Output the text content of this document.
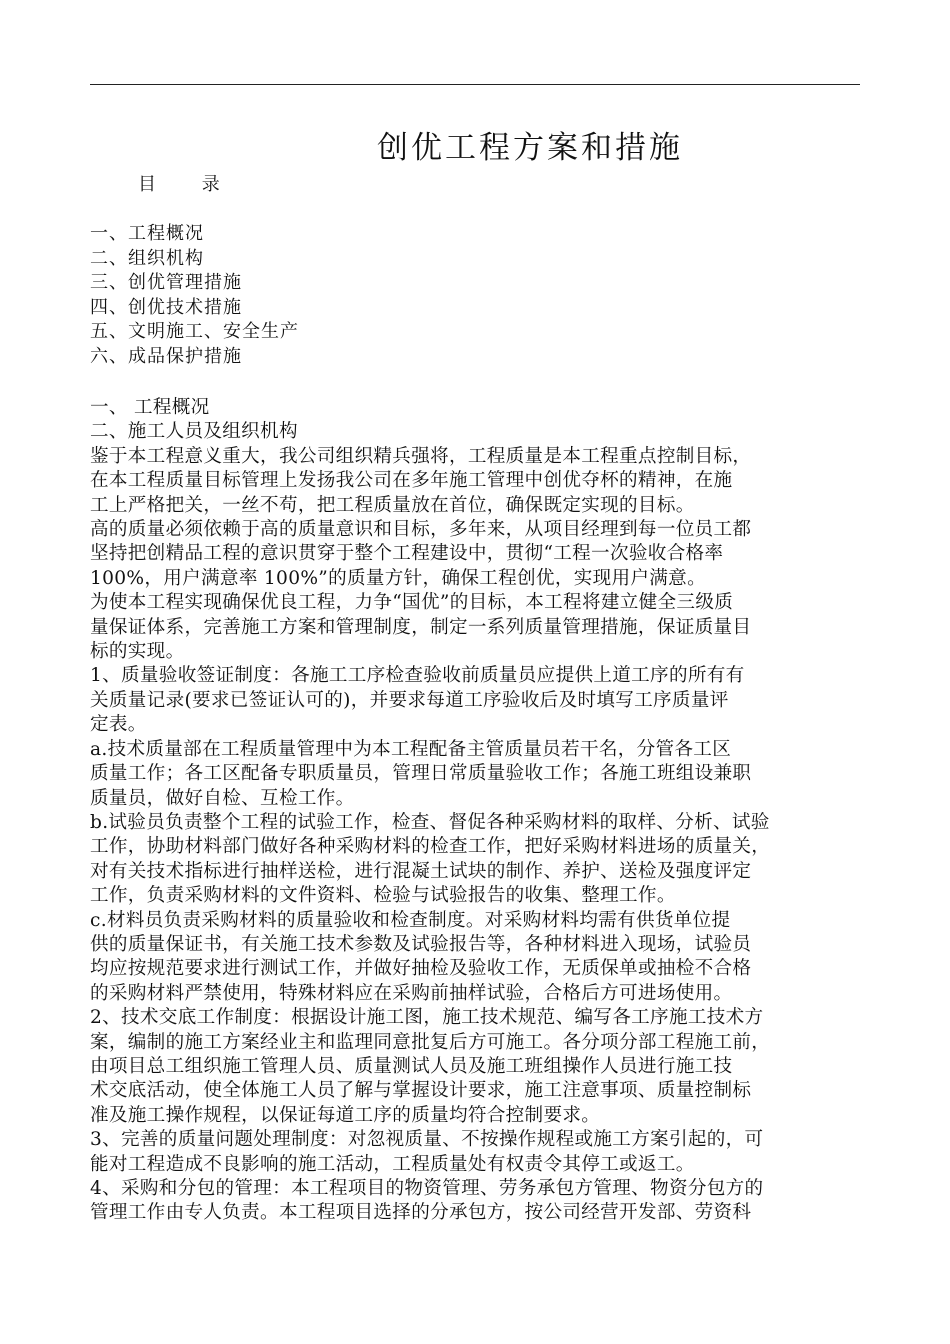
创优工程方案和措施
目        录
一、工程概况
二、组织机构
三、创优管理措施
四、创优技术措施
五、文明施工、安全生产
六、成品保护措施
一、 工程概况
二、施工人员及组织机构
鉴于本工程意义重大，我公司组织精兵强将，工程质量是本工程重点控制目标，
在本工程质量目标管理上发扬我公司在多年施工管理中创优夺杯的精神，在施
工上严格把关，一丝不苟，把工程质量放在首位，确保既定实现的目标。
高的质量必须依赖于高的质量意识和目标，多年来，从项目经理到每一位员工都
坚持把创精品工程的意识贯穿于整个工程建设中，贯彻“工程一次验收合格率
100%，用户满意率 100%”的质量方针，确保工程创优，实现用户满意。
为使本工程实现确保优良工程，力争“国优”的目标，本工程将建立健全三级质
量保证体系，完善施工方案和管理制度，制定一系列质量管理措施，保证质量目
标的实现。
1、质量验收签证制度：各施工工序检查验收前质量员应提供上道工序的所有有
关质量记录(要求已签证认可的)，并要求每道工序验收后及时填写工序质量评
定表。
a.技术质量部在工程质量管理中为本工程配备主管质量员若干名，分管各工区
质量工作；各工区配备专职质量员，管理日常质量验收工作；各施工班组设兼职
质量员，做好自检、互检工作。
b.试验员负责整个工程的试验工作，检查、督促各种采购材料的取样、分析、试验
工作，协助材料部门做好各种采购材料的检查工作，把好采购材料进场的质量关，
对有关技术指标进行抽样送检，进行混凝土试块的制作、养护、送检及强度评定
工作，负责采购材料的文件资料、检验与试验报告的收集、整理工作。
c.材料员负责采购材料的质量验收和检查制度。对采购材料均需有供货单位提
供的质量保证书，有关施工技术参数及试验报告等，各种材料进入现场，试验员
均应按规范要求进行测试工作，并做好抽检及验收工作，无质保单或抽检不合格
的采购材料严禁使用，特殊材料应在采购前抽样试验，合格后方可进场使用。
2、技术交底工作制度：根据设计施工图，施工技术规范、编写各工序施工技术方
案，编制的施工方案经业主和监理同意批复后方可施工。各分项分部工程施工前，
由项目总工组织施工管理人员、质量测试人员及施工班组操作人员进行施工技
术交底活动，使全体施工人员了解与掌握设计要求，施工注意事项、质量控制标
准及施工操作规程，以保证每道工序的质量均符合控制要求。
3、完善的质量问题处理制度：对忽视质量、不按操作规程或施工方案引起的，可
能对工程造成不良影响的施工活动，工程质量处有权责令其停工或返工。
4、采购和分包的管理：本工程项目的物资管理、劳务承包方管理、物资分包方的
管理工作由专人负责。本工程项目选择的分承包方，按公司经营开发部、劳资科
